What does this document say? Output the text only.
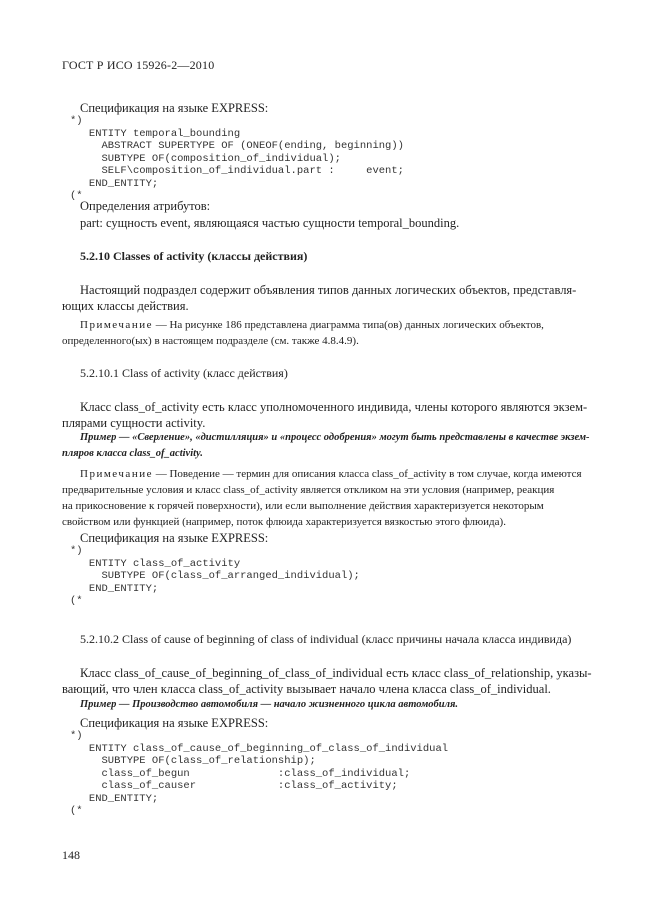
ГОСТ Р ИСО 15926-2—2010
Спецификация на языке EXPRESS:
*)
ENTITY temporal_bounding
ABSTRACT SUPERTYPE OF (ONEOF(ending, beginning))
SUBTYPE OF(composition_of_individual);
SELF\composition_of_individual.part :     event;
END_ENTITY;
(*
Определения атрибутов:
part: сущность event, являющаяся частью сущности temporal_bounding.
5.2.10 Classes of activity (классы действия)
Настоящий подраздел содержит объявления типов данных логических объектов, представля-
ющих классы действия.
Примечание — На рисунке 186 представлена диаграмма типа(ов) данных логических объектов,
определенного(ых) в настоящем подразделе (см. также 4.8.4.9).
5.2.10.1 Class of activity (класс действия)
Класс class_of_activity есть класс уполномоченного индивида, члены которого являются экзем-
плярами сущности activity.
Пример — «Сверление», «дистилляция» и «процесс одобрения» могут быть представлены в качестве экзем-
пляров класса class_of_activity.
Примечание — Поведение — термин для описания класса class_of_activity в том случае, когда имеются
предварительные условия и класс class_of_activity является откликом на эти условия (например, реакция
на прикосновение к горячей поверхности), или если выполнение действия характеризуется некоторым
свойством или функцией (например, поток флюида характеризуется вязкостью этого флюида).
Спецификация на языке EXPRESS:
*)
ENTITY class_of_activity
SUBTYPE OF(class_of_arranged_individual);
END_ENTITY;
(*
5.2.10.2 Class of cause of beginning of class of individual (класс причины начала класса индивида)
Класс class_of_cause_of_beginning_of_class_of_individual есть класс class_of_relationship, указы-
вающий, что член класса class_of_activity вызывает начало члена класса class_of_individual.
Пример — Производство автомобиля — начало жизненного цикла автомобиля.
Спецификация на языке EXPRESS:
*)
ENTITY class_of_cause_of_beginning_of_class_of_individual
SUBTYPE OF(class_of_relationship);
class_of_begun              :class_of_individual;
class_of_causer             :class_of_activity;
END_ENTITY;
(*
148
